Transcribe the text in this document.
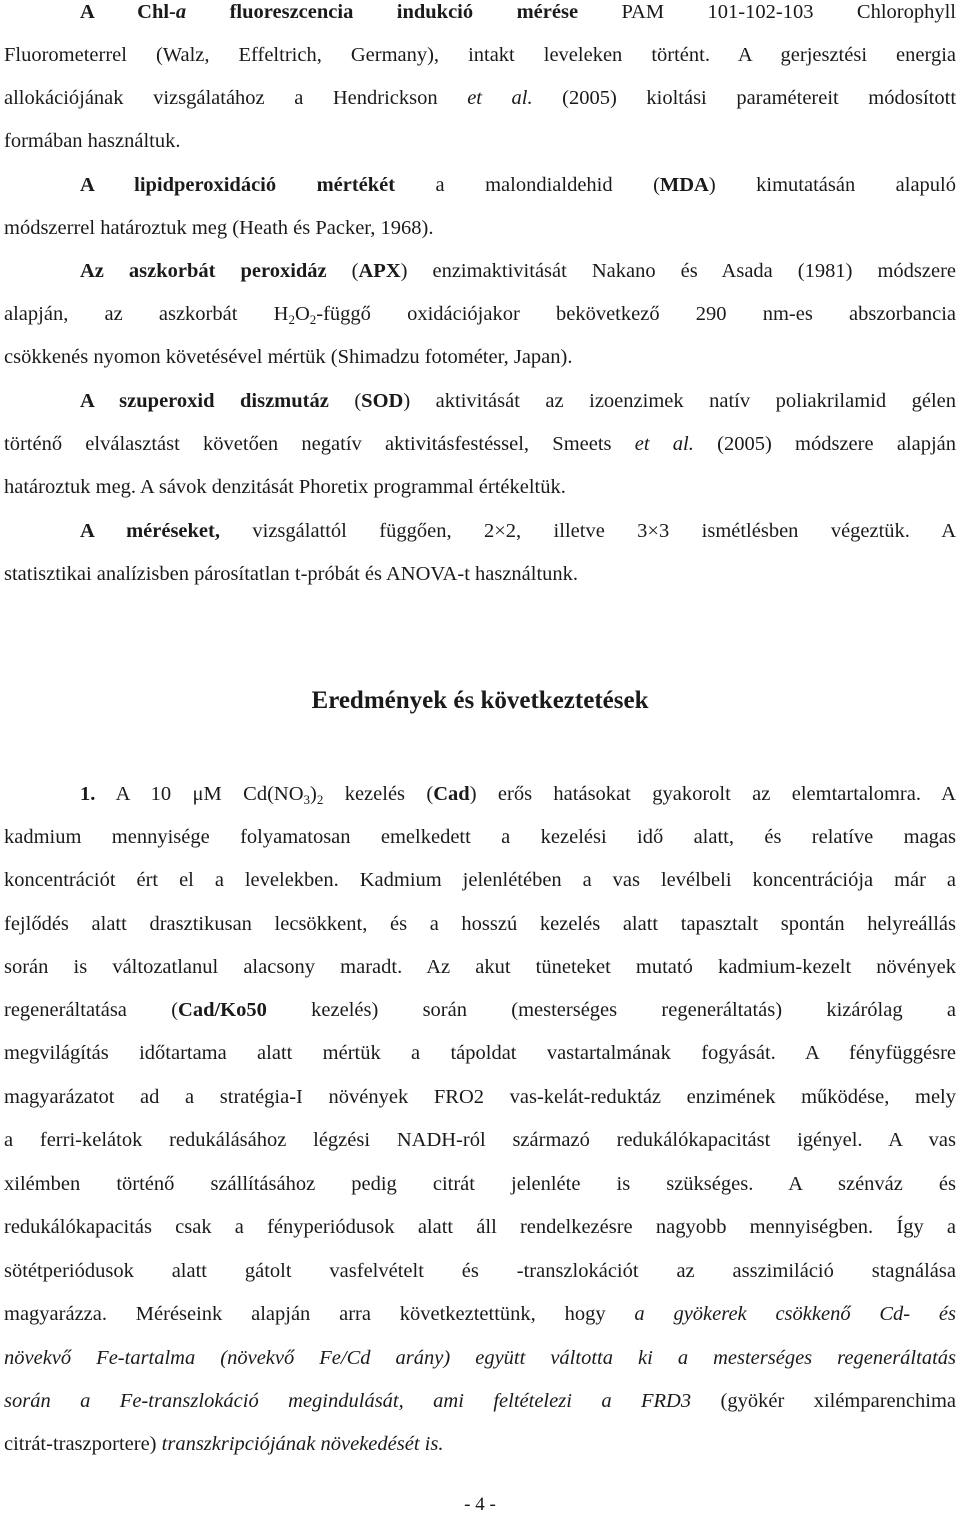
A Chl-a fluoreszcencia indukció mérése PAM 101-102-103 Chlorophyll
Fluorometerrel (Walz, Effeltrich, Germany), intakt leveleken történt. A gerjesztési energia
allokációjának vizsgálatához a Hendrickson et al. (2005) kioltási paramétereit módosított
formában használtuk.
A lipidperoxidáció mértékét a malondialdehid (MDA) kimutatásán alapuló
módszerrel határoztuk meg (Heath és Packer, 1968).
Az aszkorbát peroxidáz (APX) enzimaktivitását Nakano és Asada (1981) módszere
alapján, az aszkorbát $H_2O_2$-függő oxidációjakor bekövetkező 290 nm-es abszorbancia
csökkenés nyomon követésével mértük (Shimadzu fotométer, Japan).
A szuperoxid diszmutáz (SOD) aktivitását az izoenzimek natív poliakrilamid gélen
történő elválasztást követően negatív aktivitásfestéssel, Smeets et al. (2005) módszere alapján
határoztuk meg. A sávok denzitását Phoretix programmal értékeltük.
A méréseket, vizsgálattól függően, 2×2, illetve 3×3 ismétlésben végeztük. A
statisztikai analízisben párosítatlan t-próbát és ANOVA-t használtunk.
1. A 10 μM $Cd(NO_3)_2$ kezelés (Cad) erős hatásokat gyakorolt az elemtartalomra. A
kadmium mennyisége folyamatosan emelkedett a kezelési idő alatt, és relatíve magas
koncentrációt ért el a levelekben. Kadmium jelenlétében a vas levélbeli koncentrációja már a
fejlődés alatt drasztikusan lecsökkent, és a hosszú kezelés alatt tapasztalt spontán helyreállás
során is változatlanul alacsony maradt. Az akut tüneteket mutató kadmium-kezelt növények
regeneráltatása (Cad/Ko50 kezelés) során (mesterséges regeneráltatás) kizárólag a
megvilágítás időtartama alatt mértük a tápoldat vastartalmának fogyását. A fényfüggésre
magyarázatot ad a stratégia-I növények FRO2 vas-kelát-reduktáz enzimének működése, mely
a ferri-kelátok redukálásához légzési NADH-ról származó redukálókapacitást igényel. A vas
xilémben történő szállításához pedig citrát jelenléte is szükséges. A szénváz és
redukálókapacitás csak a fényperiódusok alatt áll rendelkezésre nagyobb mennyiségben. Így a
sötétperiódusok alatt gátolt vasfelvételt és -transzlokációt az asszimiláció stagnálása
magyarázza. Méréseink alapján arra következtettünk, hogy a gyökerek csökkenő Cd- és
növekvő Fe-tartalma (növekvő Fe/Cd arány) együtt váltotta ki a mesterséges regeneráltatás
során a Fe-transzlokáció megindulását, ami feltételezi a FRD3 (gyökér xilémparenchima
citrát-traszportere) transzkripciójának növekedését is.
Eredmények és következtetések
- 4 -
